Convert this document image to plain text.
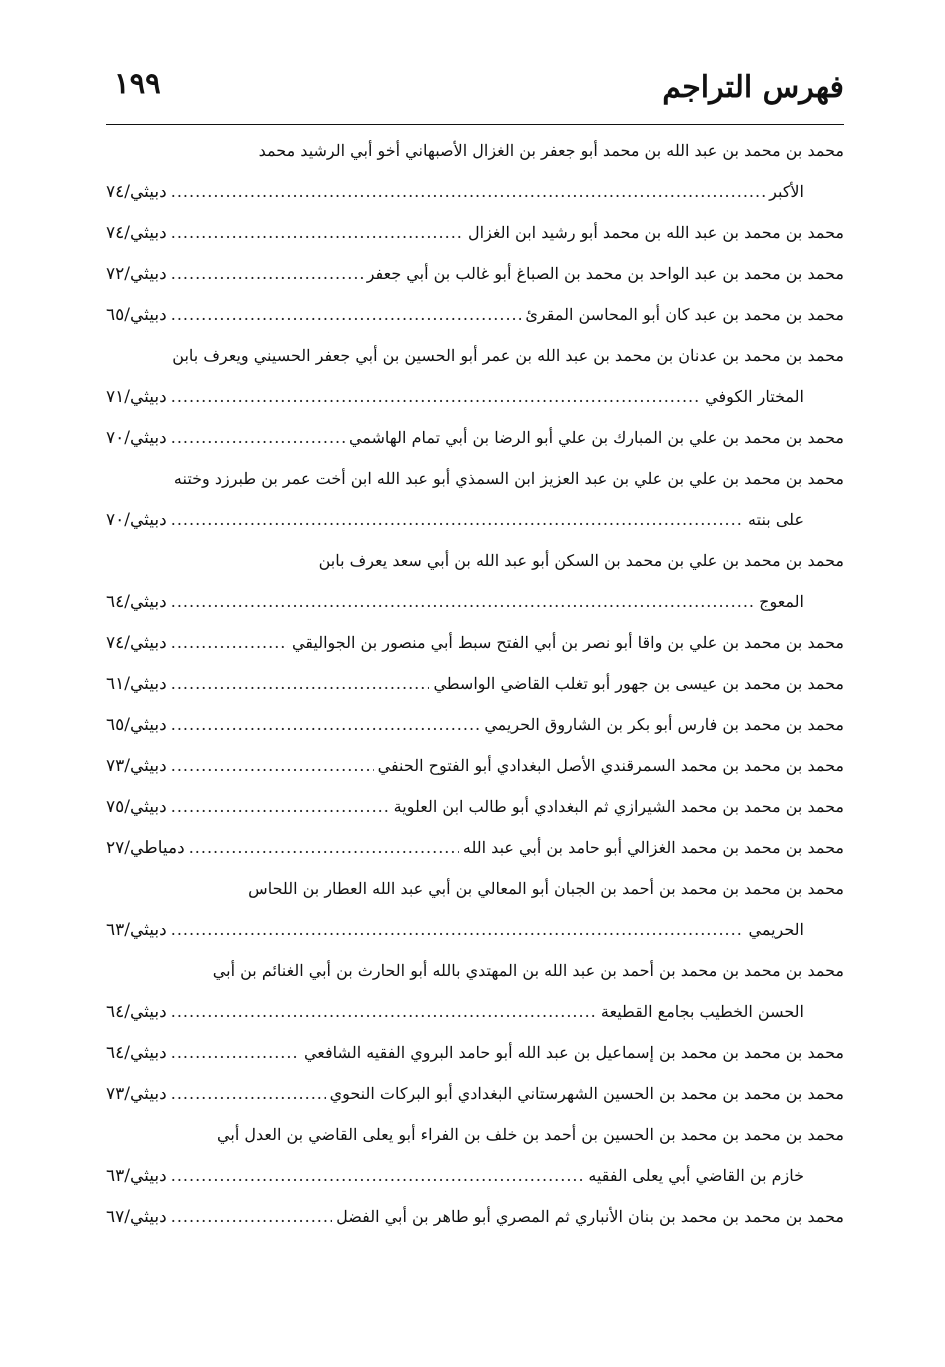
فهرس التراجم
١٩٩
محمد بن محمد بن عبد الله بن محمد أبو جعفر بن الغزال الأصبهاني أخو أبي الرشيد محمد
الأكبر
.....
دبيثي/٧٤
محمد بن محمد بن عبد الله بن محمد أبو رشيد ابن الغزال
.....
دبيثي/٧٤
محمد بن محمد بن عبد الواحد بن محمد بن الصباغ أبو غالب بن أبي جعفر
.....
دبيثي/٧٢
محمد بن محمد بن عبد كان أبو المحاسن المقرئ
.....
دبيثي/٦٥
محمد بن محمد بن عدنان بن محمد بن عبد الله بن عمر أبو الحسين بن أبي جعفر الحسيني ويعرف بابن
المختار الكوفي
.....
دبيثي/٧١
محمد بن محمد بن علي بن المبارك بن علي أبو الرضا بن أبي تمام الهاشمي
.....
دبيثي/٧٠
محمد بن محمد بن علي بن علي بن عبد العزيز ابن السمذي أبو عبد الله ابن أخت عمر بن طبرزد وختنه
على بنته
.....
دبيثي/٧٠
محمد بن محمد بن علي بن محمد بن السكن أبو عبد الله بن أبي سعد يعرف بابن
المعوج
.....
دبيثي/٦٤
محمد بن محمد بن علي بن واقا أبو نصر بن أبي الفتح سبط أبي منصور بن الجواليقي
.....
دبيثي/٧٤
محمد بن محمد بن عيسى بن جهور أبو تغلب القاضي الواسطي
.....
دبيثي/٦١
محمد بن محمد بن فارس أبو بكر بن الشاروق الحريمي
.....
دبيثي/٦٥
محمد بن محمد بن محمد السمرقندي الأصل البغدادي أبو الفتوح الحنفي
.....
دبيثي/٧٣
محمد بن محمد بن محمد الشيرازي ثم البغدادي أبو طالب ابن العلوية
.....
دبيثي/٧٥
محمد بن محمد بن محمد الغزالي أبو حامد بن أبي عبد الله
.....
دمياطي/٢٧
محمد بن محمد بن محمد بن أحمد بن الجبان أبو المعالي بن أبي عبد الله العطار بن اللحاس
الحريمي
.....
دبيثي/٦٣
محمد بن محمد بن محمد بن أحمد بن عبد الله بن المهتدي بالله أبو الحارث بن أبي الغنائم بن أبي
الحسن الخطيب بجامع القطيعة
.....
دبيثي/٦٤
محمد بن محمد بن محمد بن إسماعيل بن عبد الله أبو حامد البروي الفقيه الشافعي
.....
دبيثي/٦٤
محمد بن محمد بن محمد بن الحسين الشهرستاني البغدادي أبو البركات النحوي
.....
دبيثي/٧٣
محمد بن محمد بن محمد بن الحسين بن أحمد بن خلف بن الفراء أبو يعلى القاضي بن العدل أبي
خازم بن القاضي أبي يعلى الفقيه
.....
دبيثي/٦٣
محمد بن محمد بن محمد بن بنان الأنباري ثم المصري أبو طاهر بن أبي الفضل
.....
دبيثي/٦٧
